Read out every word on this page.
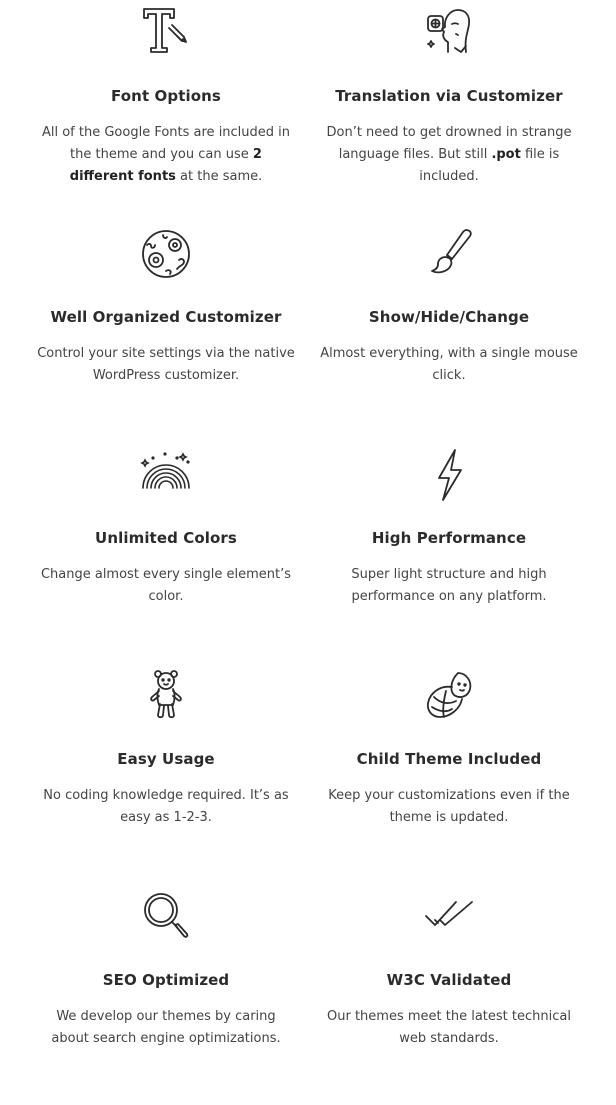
Font Options
All of the Google Fonts are included in the theme and you can use 2 different fonts at the same.
Translation via Customizer
Don’t need to get drowned in strange language files. But still .pot file is included.
Well Organized Customizer
Control your site settings via the native WordPress customizer.
Show/Hide/Change
Almost everything, with a single mouse click.
Unlimited Colors
Change almost every single element’s color.
High Performance
Super light structure and high performance on any platform.
Easy Usage
No coding knowledge required. It’s as easy as 1-2-3.
Child Theme Included
Keep your customizations even if the theme is updated.
SEO Optimized
We develop our themes by caring about search engine optimizations.
W3C Validated
Our themes meet the latest technical web standards.
